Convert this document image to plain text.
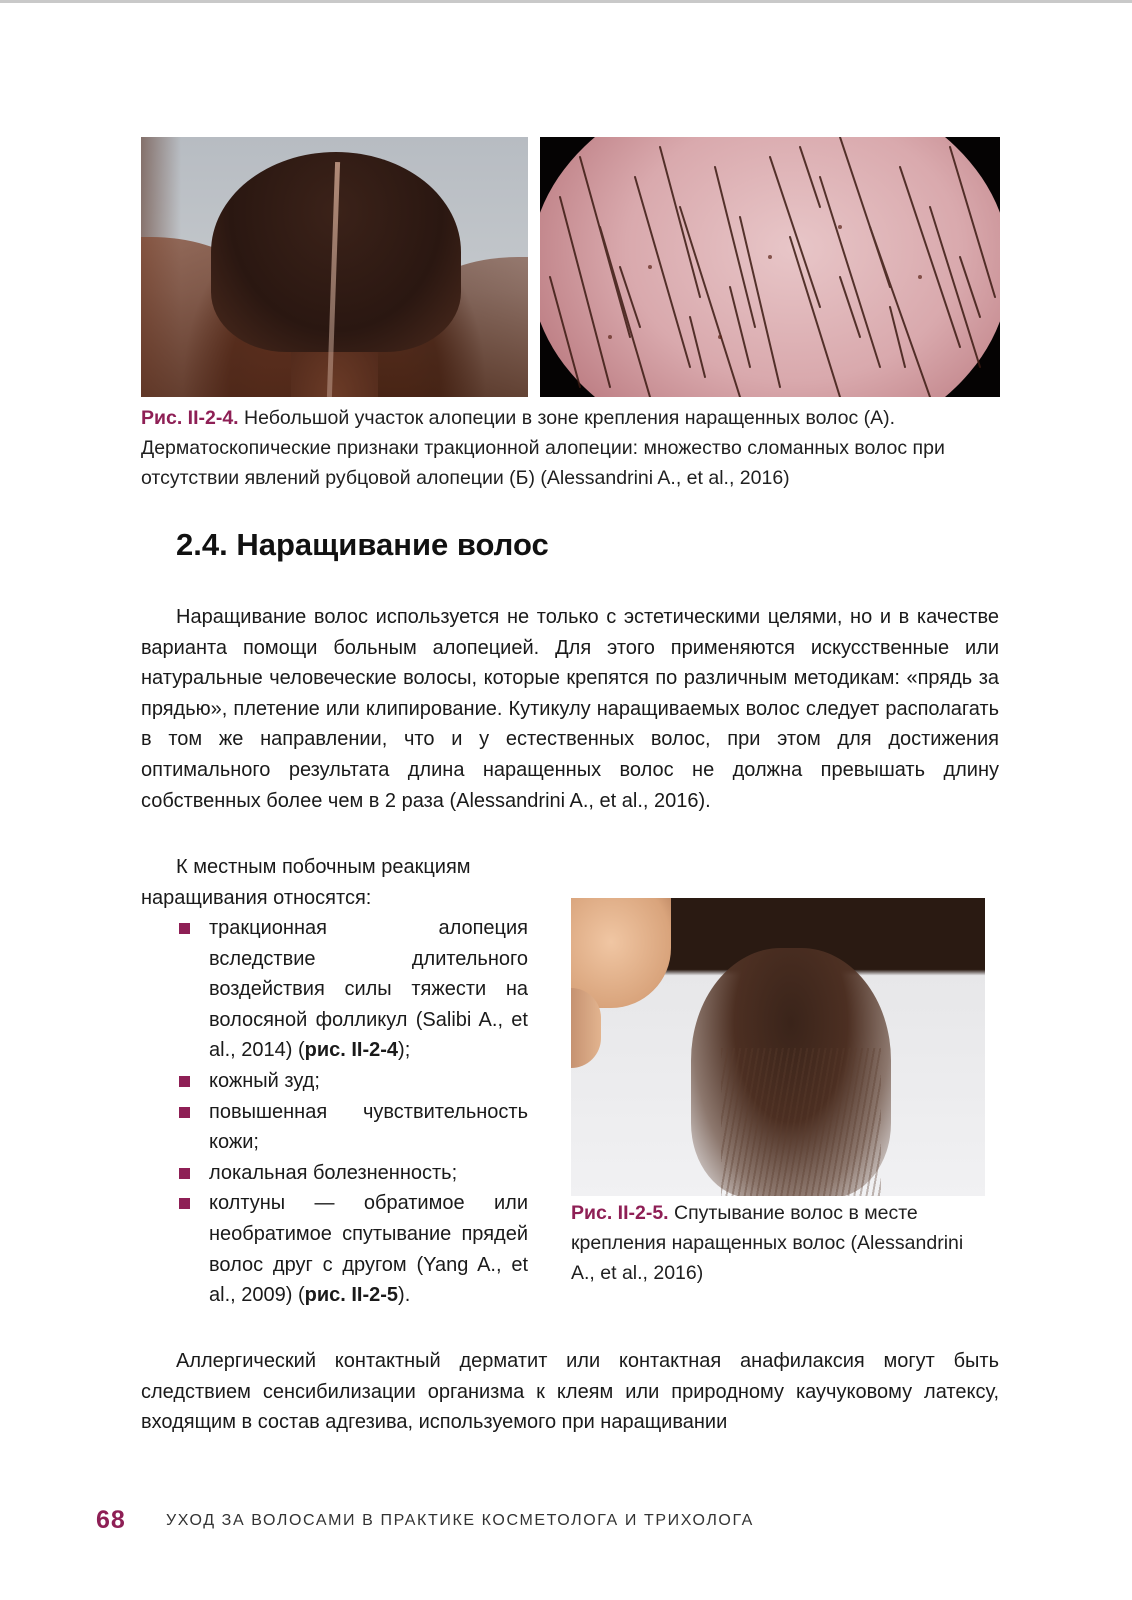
Рис. II-2-4. Небольшой участок алопеции в зоне крепления наращенных волос (А). Дерматоскопические признаки тракционной алопеции: множество сломанных волос при отсутствии явлений рубцовой алопеции (Б) (Alessandrini A., et al., 2016)
2.4. Наращивание волос

Наращивание волос используется не только с эстетическими целями, но и в качестве варианта помощи больным алопецией. Для этого применяются искусственные или натуральные человеческие волосы, которые крепятся по различным методикам: «прядь за прядью», плетение или клипирование. Кутикулу наращиваемых волос следует располагать в том же направлении, что и у естественных волос, при этом для достижения оптимального результата длина наращенных волос не должна превышать длину собственных более чем в 2 раза (Alessandrini A., et al., 2016).

К местным побочным реакциям наращивания относятся:

тракционная алопеция вследствие длительного воздействия силы тяжести на волосяной фолликул (Salibi A., et al., 2014) (рис. II-2-4);
кожный зуд;
повышенная чувствительность кожи;
локальная болезненность;
колтуны — обратимое или необратимое спутывание прядей волос друг с другом (Yang A., et al., 2009) (рис. II-2-5).
Рис. II-2-5. Спутывание волос в месте крепления наращенных волос (Alessandrini A., et al., 2016)

Аллергический контактный дерматит или контактная анафилаксия могут быть следствием сенсибилизации организма к клеям или природному каучуковому латексу, входящим в состав адгезива, используемого при наращивании

68	УХОД ЗА ВОЛОСАМИ В ПРАКТИКЕ КОСМЕТОЛОГА И ТРИХОЛОГА
